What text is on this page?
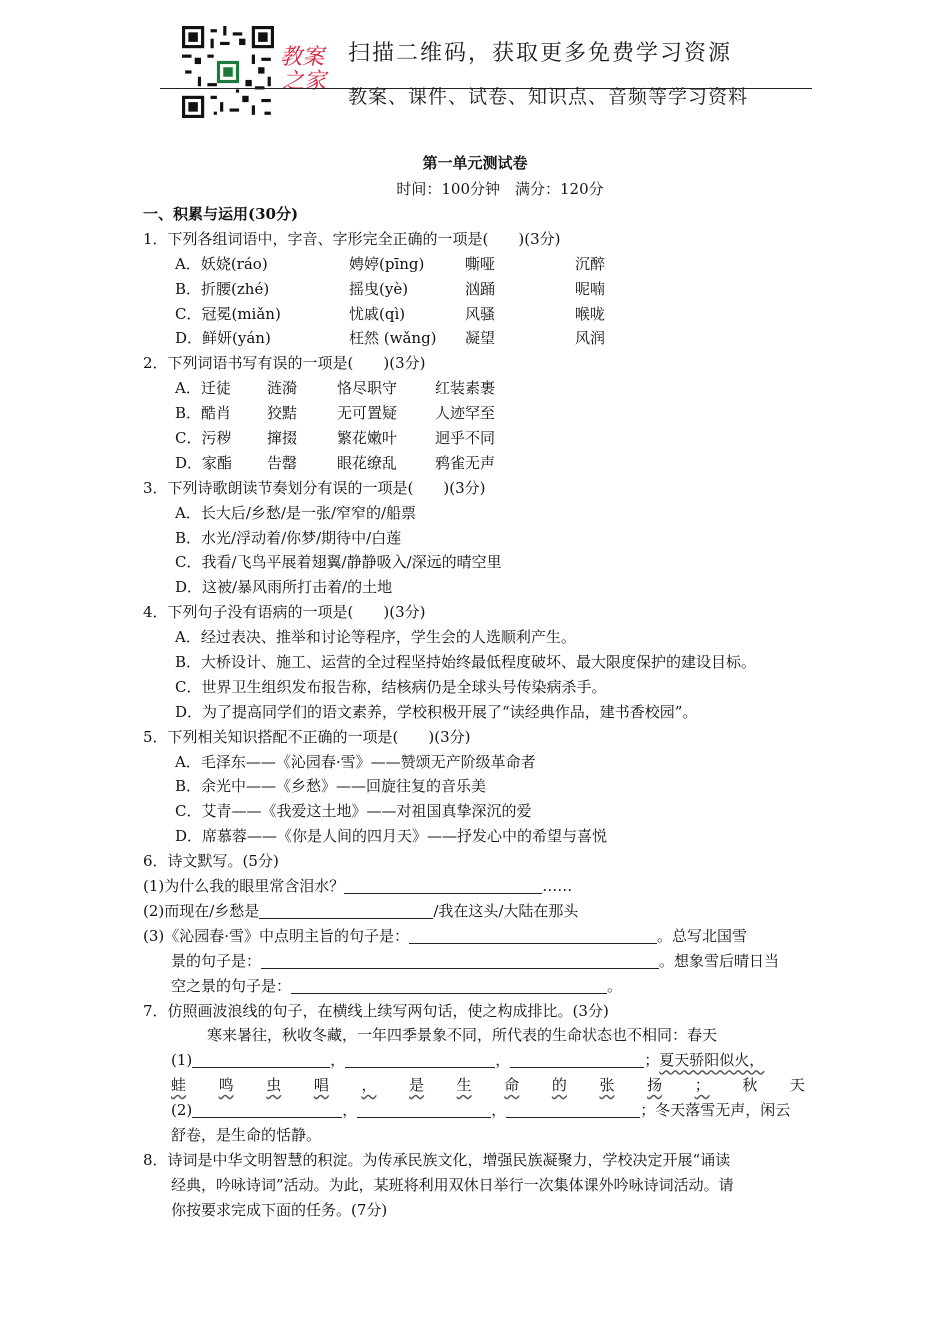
教案
之家
扫描二维码，获取更多免费学习资源
教案、课件、试卷、知识点、音频等学习资料
第一单元测试卷
时间：100分钟　满分：120分
一、积累与运用(30分)
1．下列各组词语中，字音、字形完全正确的一项是(　　)(3分)
A．妖娆(ráo)	娉婷(pīng)	嘶哑	沉醉
B．折腰(zhé)	摇曳(yè)	汹踊	呢喃
C．冠冕(miǎn)	忧戚(qì)	风骚	喉咙
D．鲜妍(yán)	枉然 (wǎng) 凝望	风润
2．下列词语书写有误的一项是(　　)(3分)
A．迁徒 涟漪	恪尽职守	红装素裹
B．酷肖 狡黠	无可置疑	人迹罕至
C．污秽 撺掇	繁花嫩叶	迥乎不同
D．家酯 告罄	眼花缭乱	鸦雀无声
3．下列诗歌朗读节奏划分有误的一项是(　　)(3分)
A．长大后/乡愁/是一张/窄窄的/船票
B．水光/浮动着/你梦/期待中/白莲
C．我看/飞鸟平展着翅翼/静静吸入/深远的晴空里
D．这被/暴风雨所打击着/的土地
4．下列句子没有语病的一项是(　　)(3分)
A．经过表决、推举和讨论等程序，学生会的人选顺利产生。
B．大桥设计、施工、运营的全过程坚持始终最低程度破坏、最大限度保护的建设目标。
C．世界卫生组织发布报告称，结核病仍是全球头号传染病杀手。
D．为了提高同学们的语文素养，学校积极开展了“读经典作品，建书香校园”。
5．下列相关知识搭配不正确的一项是(　　)(3分)
A．毛泽东——《沁园春·雪》——赞颂无产阶级革命者
B．余光中——《乡愁》——回旋往复的音乐美
C．艾青——《我爱这土地》——对祖国真挚深沉的爱
D．席慕蓉——《你是人间的四月天》——抒发心中的希望与喜悦
6．诗文默写。(5分)
(1)为什么我的眼里常含泪水？	……
(2)而现在/乡愁是	/我在这头/大陆在那头
(3)《沁园春·雪》中点明主旨的句子是：	。总写北国雪
景的句子是：	。想象雪后晴日当
空之景的句子是：	。
7．仿照画波浪线的句子，在横线上续写两句话，使之构成排比。(3分)
寒来暑往，秋收冬藏，一年四季景象不同，所代表的生命状态也不相同：春天
(1)	，	，	；夏天骄阳似火，
蛙 鸣 虫 唱 ， 是 生 命 的 张 扬 ； 秋 天
(2)	，	，	；冬天落雪无声，闲云
舒卷，是生命的恬静。
8．诗词是中华文明智慧的积淀。为传承民族文化，增强民族凝聚力，学校决定开展“诵读
经典，吟咏诗词”活动。为此，某班将利用双休日举行一次集体课外吟咏诗词活动。请
你按要求完成下面的任务。(7分)
